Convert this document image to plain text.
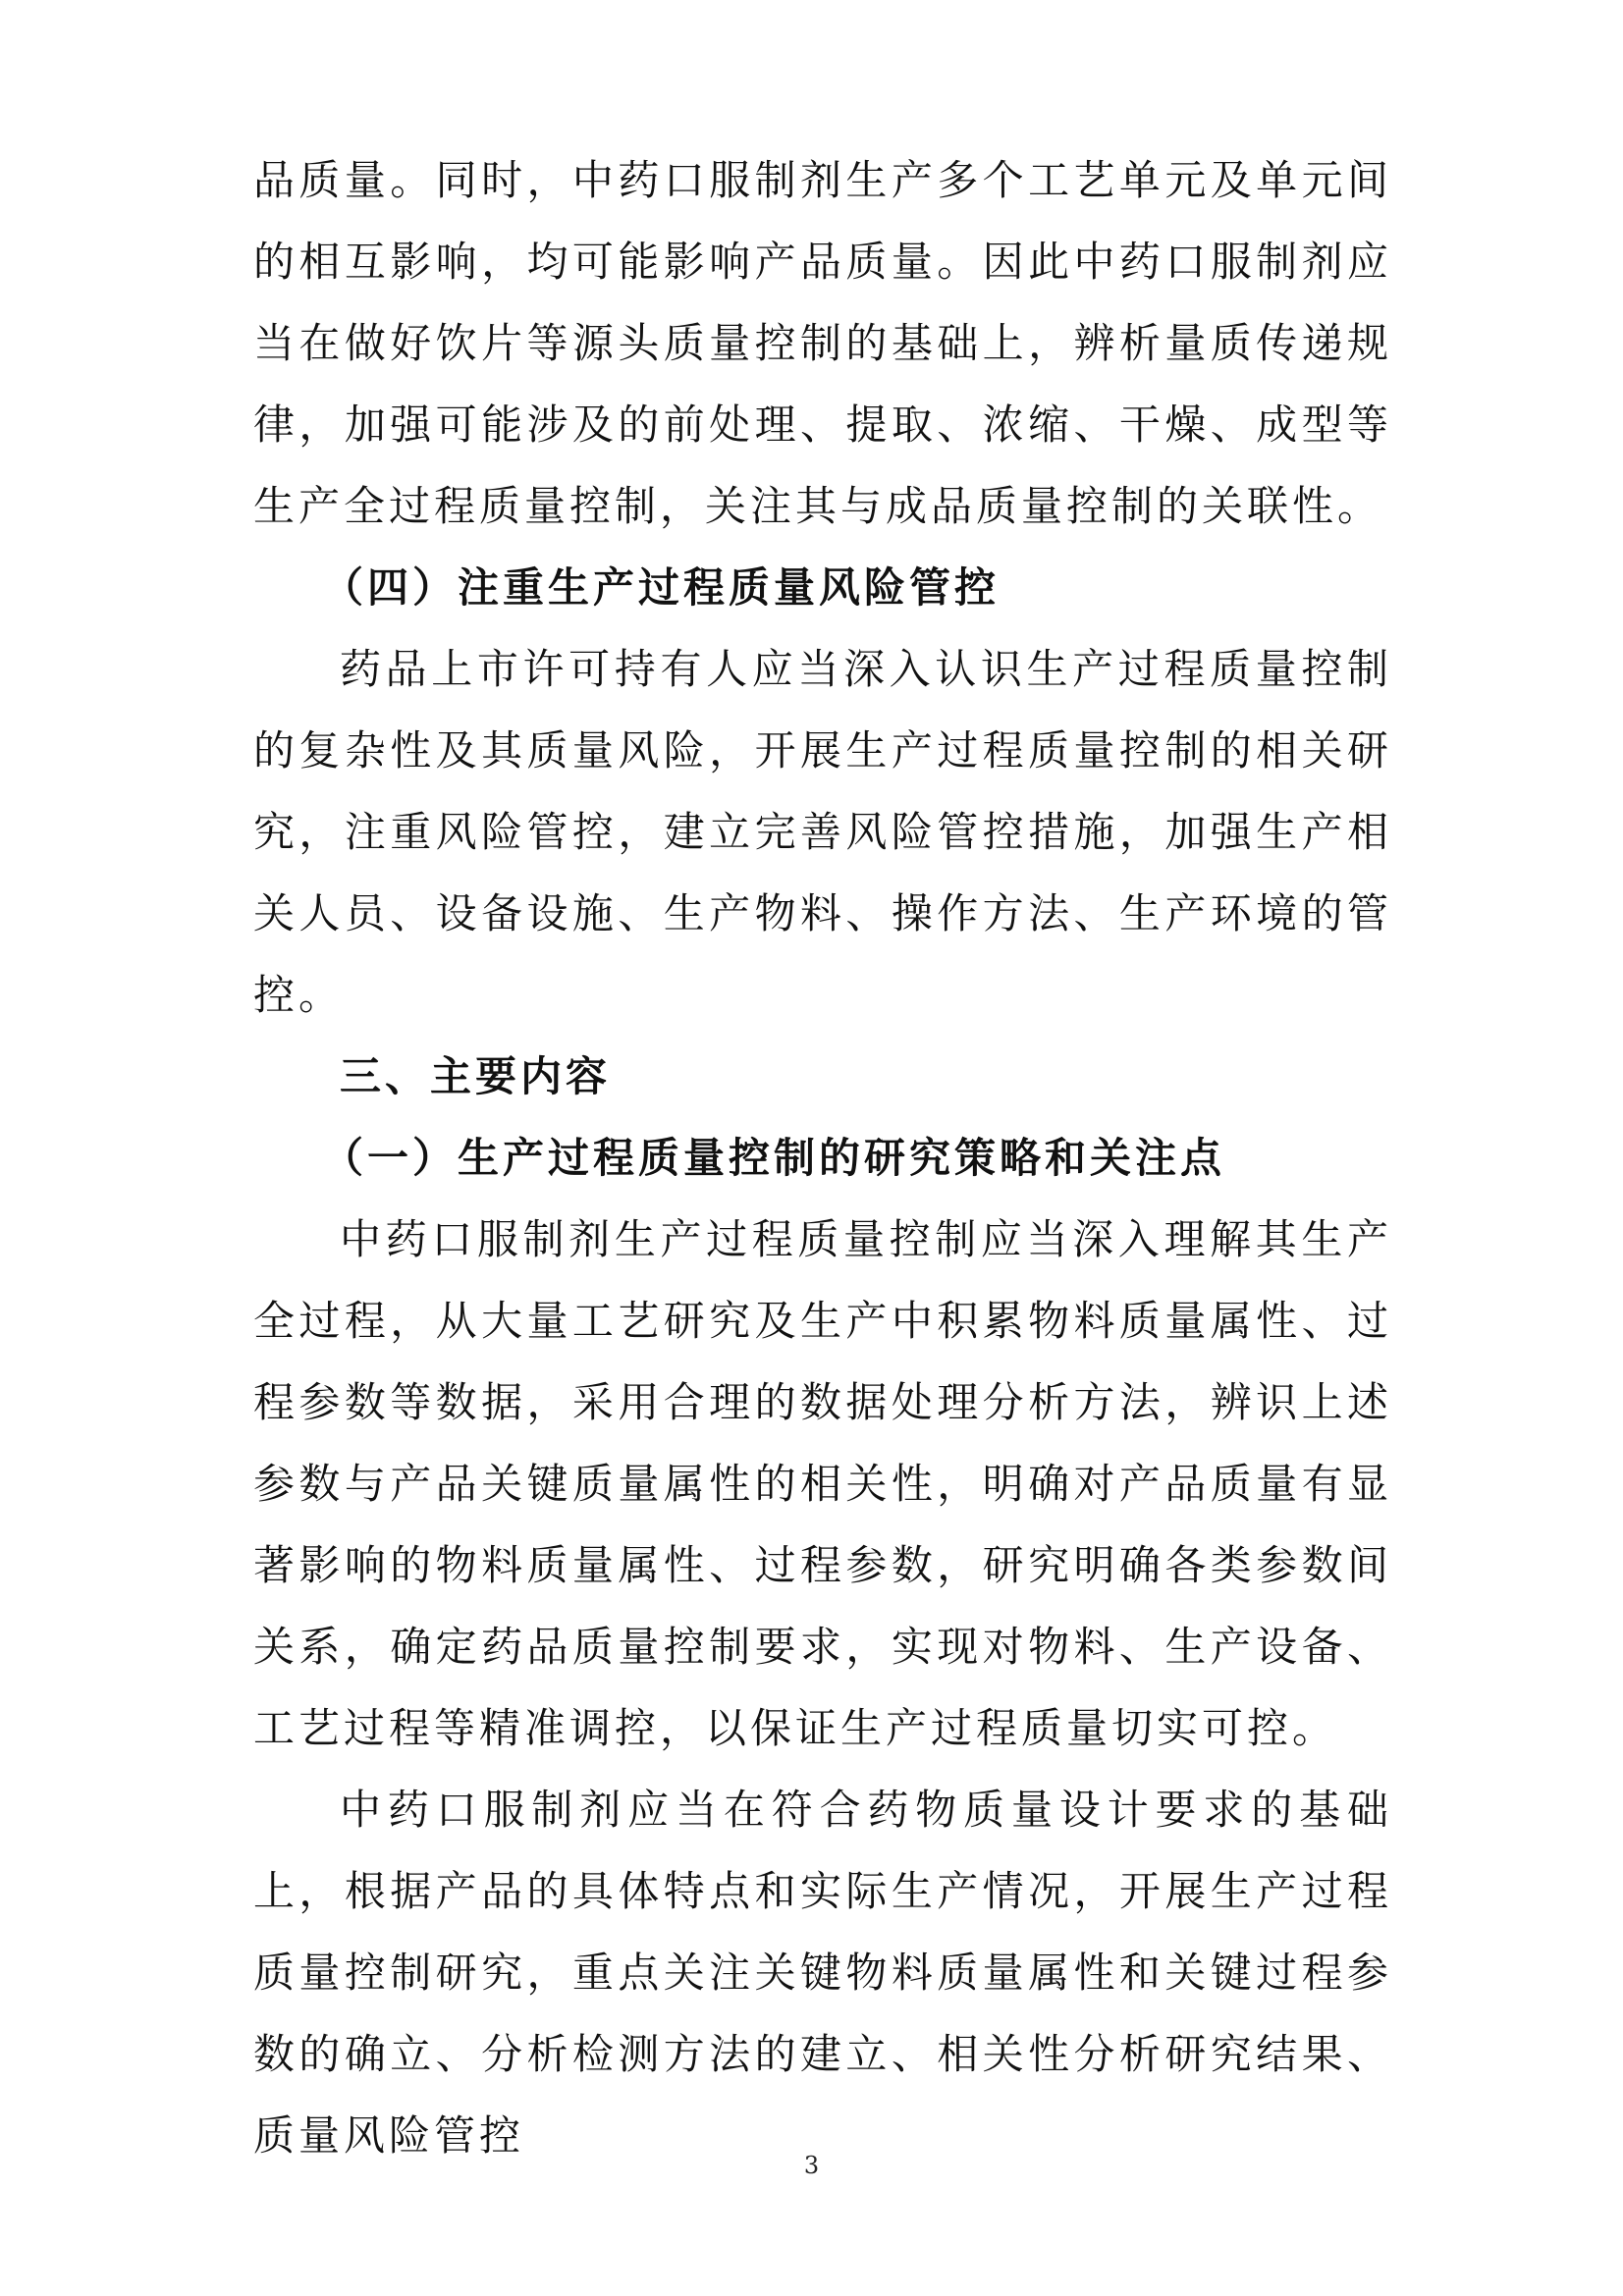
品质量。同时，中药口服制剂生产多个工艺单元及单元间的相互影响，均可能影响产品质量。因此中药口服制剂应当在做好饮片等源头质量控制的基础上，辨析量质传递规律，加强可能涉及的前处理、提取、浓缩、干燥、成型等生产全过程质量控制，关注其与成品质量控制的关联性。

（四）注重生产过程质量风险管控

药品上市许可持有人应当深入认识生产过程质量控制的复杂性及其质量风险，开展生产过程质量控制的相关研究，注重风险管控，建立完善风险管控措施，加强生产相关人员、设备设施、生产物料、操作方法、生产环境的管控。

三、主要内容

（一）生产过程质量控制的研究策略和关注点

中药口服制剂生产过程质量控制应当深入理解其生产全过程，从大量工艺研究及生产中积累物料质量属性、过程参数等数据，采用合理的数据处理分析方法，辨识上述参数与产品关键质量属性的相关性，明确对产品质量有显著影响的物料质量属性、过程参数，研究明确各类参数间关系，确定药品质量控制要求，实现对物料、生产设备、工艺过程等精准调控，以保证生产过程质量切实可控。

中药口服制剂应当在符合药物质量设计要求的基础上，根据产品的具体特点和实际生产情况，开展生产过程质量控制研究，重点关注关键物料质量属性和关键过程参数的确立、分析检测方法的建立、相关性分析研究结果、质量风险管控

3
